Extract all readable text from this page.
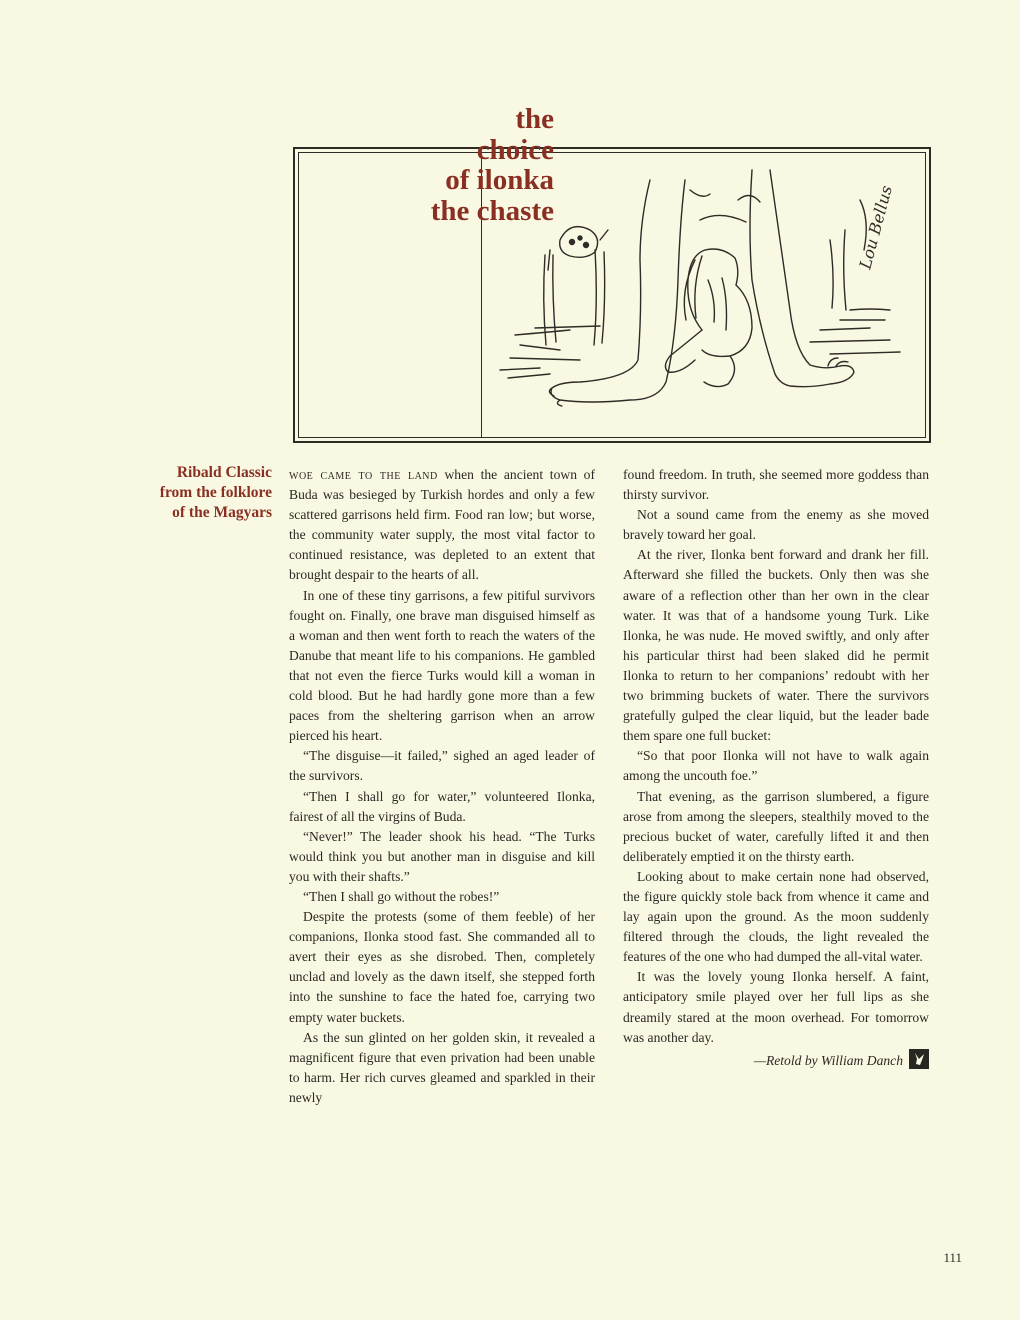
the
choice
of ilonka
the chaste	Lou Bellus
Ribald Classic
from the folklore
of the Magyars

woe came to the land when the ancient town of Buda was besieged by Turkish hordes and only a few scattered garrisons held firm. Food ran low; but worse, the community water supply, the most vital factor to continued resistance, was depleted to an extent that brought despair to the hearts of all.

In one of these tiny garrisons, a few pitiful survivors fought on. Finally, one brave man disguised himself as a woman and then went forth to reach the waters of the Danube that meant life to his companions. He gambled that not even the fierce Turks would kill a woman in cold blood. But he had hardly gone more than a few paces from the sheltering garrison when an arrow pierced his heart.

“The disguise—it failed,” sighed an aged leader of the survivors.

“Then I shall go for water,” volunteered Ilonka, fairest of all the virgins of Buda.

“Never!” The leader shook his head. “The Turks would think you but another man in disguise and kill you with their shafts.”

“Then I shall go without the robes!”

Despite the protests (some of them feeble) of her companions, Ilonka stood fast. She commanded all to avert their eyes as she disrobed. Then, completely unclad and lovely as the dawn itself, she stepped forth into the sunshine to face the hated foe, carrying two empty water buckets.

As the sun glinted on her golden skin, it revealed a magnificent figure that even privation had been unable to harm. Her rich curves gleamed and sparkled in their newly

found freedom. In truth, she seemed more goddess than thirsty survivor.

Not a sound came from the enemy as she moved bravely toward her goal.

At the river, Ilonka bent forward and drank her fill. Afterward she filled the buckets. Only then was she aware of a reflection other than her own in the clear water. It was that of a handsome young Turk. Like Ilonka, he was nude. He moved swiftly, and only after his particular thirst had been slaked did he permit Ilonka to return to her companions’ redoubt with her two brimming buckets of water. There the survivors gratefully gulped the clear liquid, but the leader bade them spare one full bucket:

“So that poor Ilonka will not have to walk again among the uncouth foe.”

That evening, as the garrison slumbered, a figure arose from among the sleepers, stealthily moved to the precious bucket of water, carefully lifted it and then deliberately emptied it on the thirsty earth.

Looking about to make certain none had observed, the figure quickly stole back from whence it came and lay again upon the ground. As the moon suddenly filtered through the clouds, the light revealed the features of the one who had dumped the all-vital water.

It was the lovely young Ilonka herself. A faint, anticipatory smile played over her full lips as she dreamily stared at the moon overhead. For tomorrow was another day.

—Retold by William Danch
111
